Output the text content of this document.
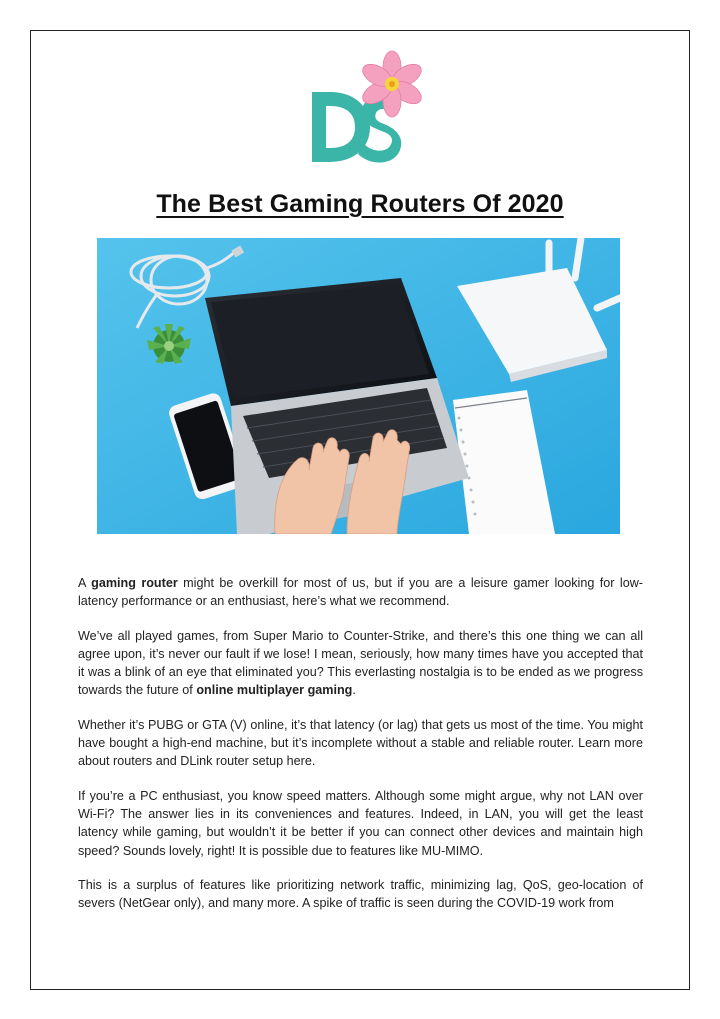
The Best Gaming Routers Of 2020

A gaming router might be overkill for most of us, but if you are a leisure gamer looking for low-latency performance or an enthusiast, here’s what we recommend.

We’ve all played games, from Super Mario to Counter-Strike, and there’s this one thing we can all agree upon, it’s never our fault if we lose! I mean, seriously, how many times have you accepted that it was a blink of an eye that eliminated you? This everlasting nostalgia is to be ended as we progress towards the future of online multiplayer gaming.

Whether it’s PUBG or GTA (V) online, it’s that latency (or lag) that gets us most of the time. You might have bought a high-end machine, but it’s incomplete without a stable and reliable router. Learn more about routers and DLink router setup here.

If you’re a PC enthusiast, you know speed matters. Although some might argue, why not LAN over Wi-Fi? The answer lies in its conveniences and features. Indeed, in LAN, you will get the least latency while gaming, but wouldn’t it be better if you can connect other devices and maintain high speed? Sounds lovely, right! It is possible due to features like MU-MIMO.

This is a surplus of features like prioritizing network traffic, minimizing lag, QoS, geo-location of severs (NetGear only), and many more. A spike of traffic is seen during the COVID-19 work from
